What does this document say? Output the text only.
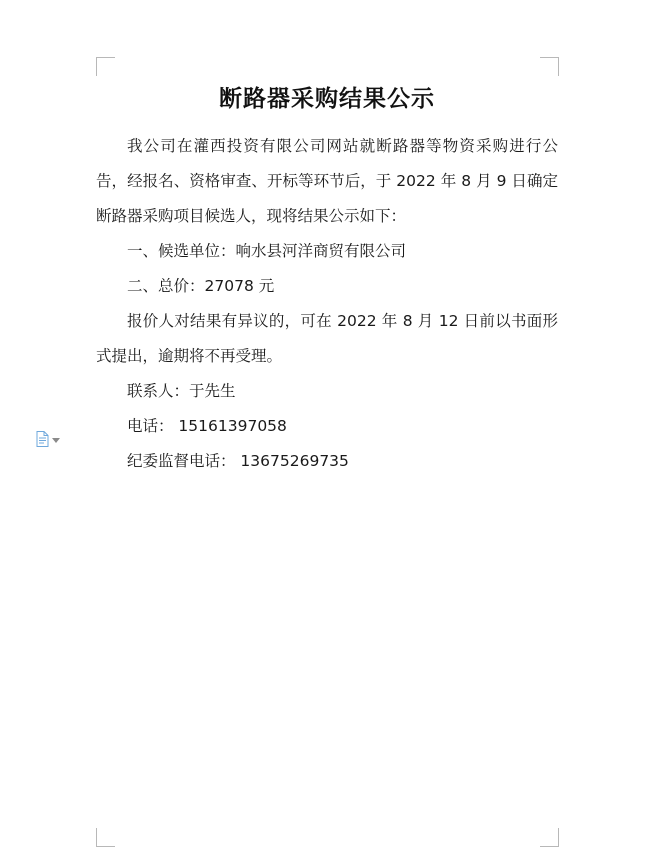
断路器采购结果公示

我公司在灌西投资有限公司网站就断路器等物资采购进行公告，经报名、资格审查、开标等环节后，于 2022 年 8 月 9 日确定断路器采购项目候选人，现将结果公示如下：

一、候选单位：响水县河洋商贸有限公司

二、总价：27078 元

报价人对结果有异议的，可在 2022 年 8 月 12 日前以书面形式提出，逾期将不再受理。

联系人：于先生

电话： 15161397058

纪委监督电话： 13675269735
